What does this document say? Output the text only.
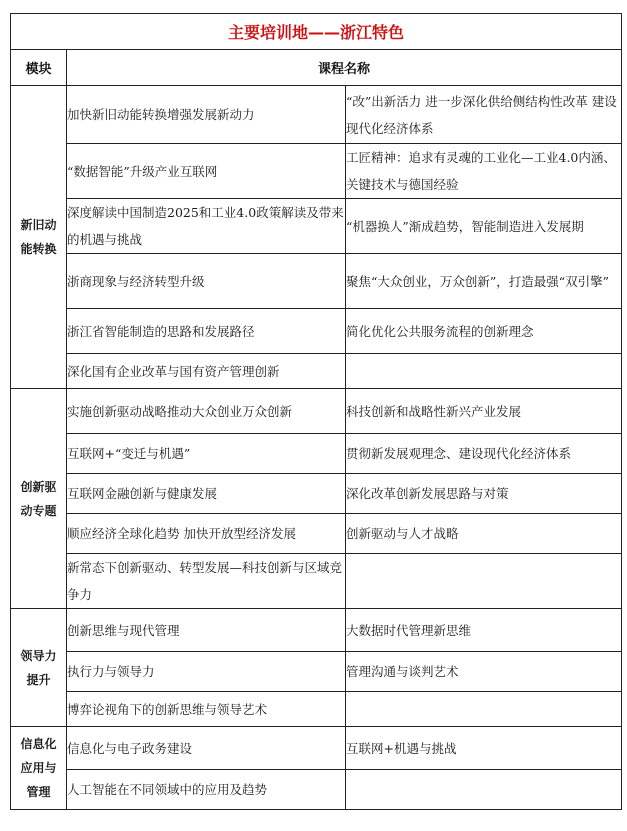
主要培训地——浙江特色		
模块	课程名称	

新旧动
能转换	加快新旧动能转换增强发展新动力	“改”出新活力 进一步深化供给侧结构性改革 建设现代化经济体系

	“数据智能”升级产业互联网	工匠精神：追求有灵魂的工业化—工业4.0内涵、关键技术与德国经验

	深度解读中国制造2025和工业4.0政策解读及带来的机遇与挑战	“机器换人”渐成趋势，智能制造进入发展期

	浙商现象与经济转型升级	聚焦“大众创业，万众创新”，打造最强“双引擎”

	浙江省智能制造的思路和发展路径	简化优化公共服务流程的创新理念

	深化国有企业改革与国有资产管理创新	

创新驱
动专题	实施创新驱动战略推动大众创业万众创新	科技创新和战略性新兴产业发展

	互联网+“变迁与机遇”	贯彻新发展观理念、建设现代化经济体系

	互联网金融创新与健康发展	深化改革创新发展思路与对策

	顺应经济全球化趋势 加快开放型经济发展	创新驱动与人才战略

	新常态下创新驱动、转型发展—科技创新与区域竞争力	

领导力
提升	创新思维与现代管理	大数据时代管理新思维

	执行力与领导力	管理沟通与谈判艺术

	博弈论视角下的创新思维与领导艺术	

信息化
应用与
管理	信息化与电子政务建设	互联网+机遇与挑战

	人工智能在不同领域中的应用及趋势	
